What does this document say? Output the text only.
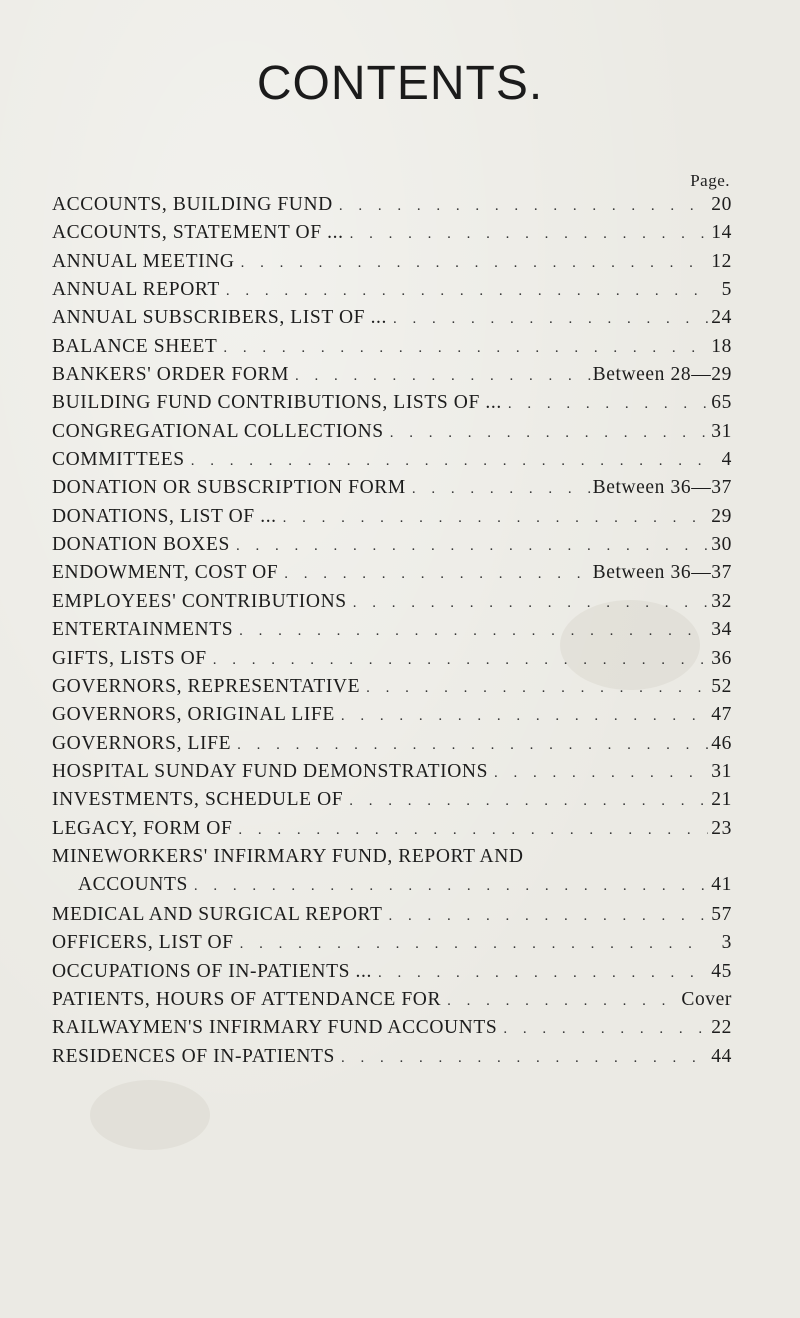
CONTENTS.
Page.
ACCOUNTS, BUILDING FUND . . .	20
ACCOUNTS, STATEMENT OF ... . . .	14
ANNUAL MEETING . . .	12
ANNUAL REPORT . . .	5
ANNUAL SUBSCRIBERS, LIST OF ... . . .	24
BALANCE SHEET . . .	18
BANKERS' ORDER FORM . . .	Between 28—29
BUILDING FUND CONTRIBUTIONS, LISTS OF ... . . .	65
CONGREGATIONAL COLLECTIONS . . .	31
COMMITTEES . . .	4
DONATION OR SUBSCRIPTION FORM . . .	Between 36—37
DONATIONS, LIST OF ... . . .	29
DONATION BOXES . . .	30
ENDOWMENT, COST OF . . .	Between 36—37
EMPLOYEES' CONTRIBUTIONS . . .	32
ENTERTAINMENTS . . .	34
GIFTS, LISTS OF . . .	36
GOVERNORS, REPRESENTATIVE . . .	52
GOVERNORS, ORIGINAL LIFE . . .	47
GOVERNORS, LIFE . . .	46
HOSPITAL SUNDAY FUND DEMONSTRATIONS . . .	31
INVESTMENTS, SCHEDULE OF . . .	21
LEGACY, FORM OF . . .	23
MINEWORKERS' INFIRMARY FUND, REPORT AND
ACCOUNTS . . .	41
MEDICAL AND SURGICAL REPORT . . .	57
OFFICERS, LIST OF . . .	3
OCCUPATIONS OF IN-PATIENTS ... . . .	45
PATIENTS, HOURS OF ATTENDANCE FOR . . .	Cover
RAILWAYMEN'S INFIRMARY FUND ACCOUNTS . . .	22
RESIDENCES OF IN-PATIENTS . . .	44
